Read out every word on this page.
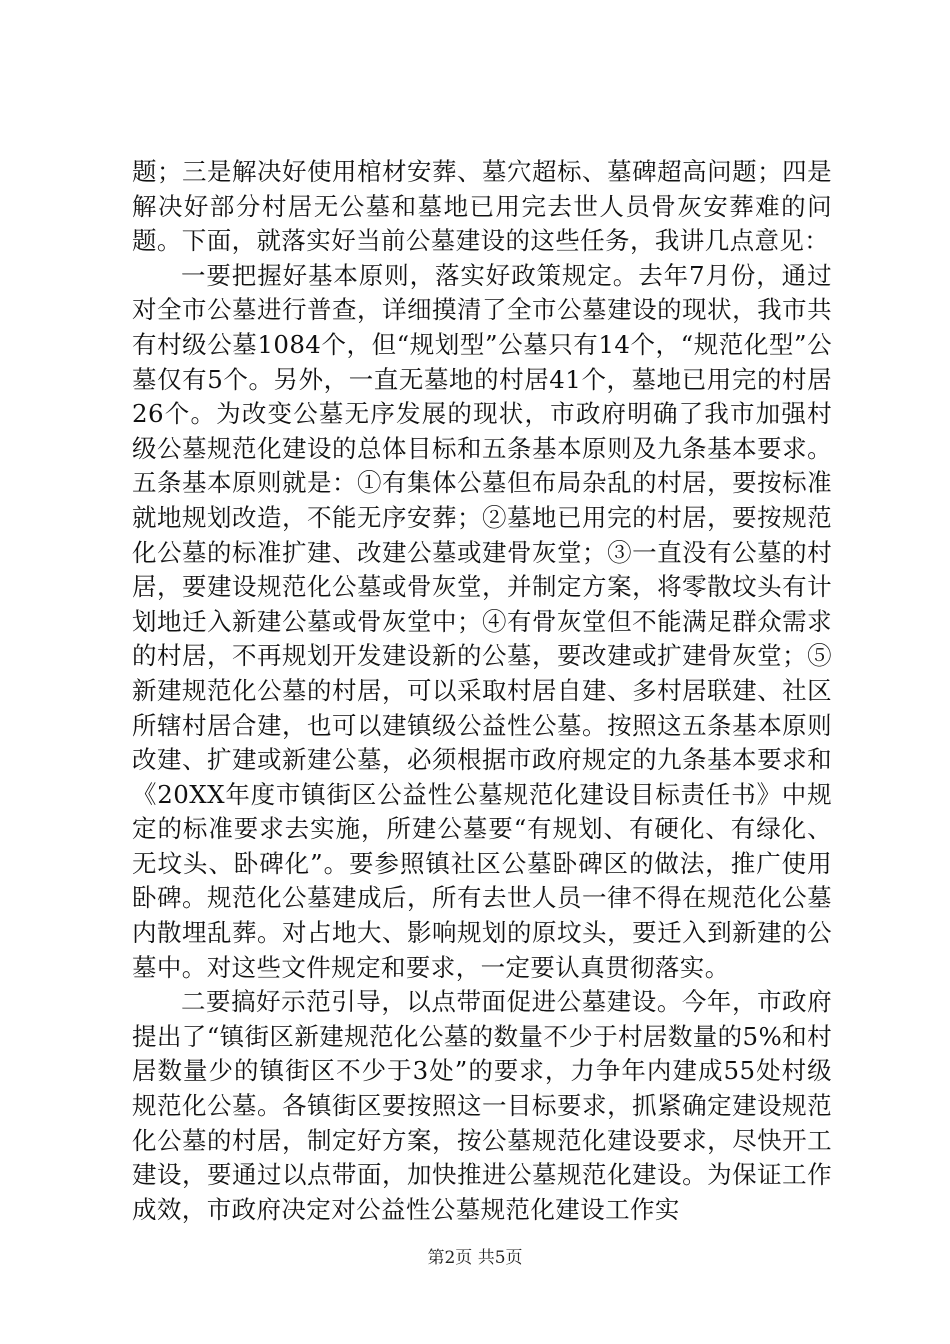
题；三是解决好使用棺材安葬、墓穴超标、墓碑超高问题；四是解决好部分村居无公墓和墓地已用完去世人员骨灰安葬难的问题。下面，就落实好当前公墓建设的这些任务，我讲几点意见：

一要把握好基本原则，落实好政策规定。去年7月份，通过对全市公墓进行普查，详细摸清了全市公墓建设的现状，我市共有村级公墓1084个，但“规划型”公墓只有14个，“规范化型”公墓仅有5个。另外，一直无墓地的村居41个，墓地已用完的村居26个。为改变公墓无序发展的现状，市政府明确了我市加强村级公墓规范化建设的总体目标和五条基本原则及九条基本要求。五条基本原则就是：①有集体公墓但布局杂乱的村居，要按标准就地规划改造，不能无序安葬；②墓地已用完的村居，要按规范化公墓的标准扩建、改建公墓或建骨灰堂；③一直没有公墓的村居，要建设规范化公墓或骨灰堂，并制定方案，将零散坟头有计划地迁入新建公墓或骨灰堂中；④有骨灰堂但不能满足群众需求的村居，不再规划开发建设新的公墓，要改建或扩建骨灰堂；⑤新建规范化公墓的村居，可以采取村居自建、多村居联建、社区所辖村居合建，也可以建镇级公益性公墓。按照这五条基本原则改建、扩建或新建公墓，必须根据市政府规定的九条基本要求和《20XX年度市镇街区公益性公墓规范化建设目标责任书》中规定的标准要求去实施，所建公墓要“有规划、有硬化、有绿化、无坟头、卧碑化”。要参照镇社区公墓卧碑区的做法，推广使用卧碑。规范化公墓建成后，所有去世人员一律不得在规范化公墓内散埋乱葬。对占地大、影响规划的原坟头，要迁入到新建的公墓中。对这些文件规定和要求，一定要认真贯彻落实。

二要搞好示范引导，以点带面促进公墓建设。今年，市政府提出了“镇街区新建规范化公墓的数量不少于村居数量的5%和村居数量少的镇街区不少于3处”的要求，力争年内建成55处村级规范化公墓。各镇街区要按照这一目标要求，抓紧确定建设规范化公墓的村居，制定好方案，按公墓规范化建设要求，尽快开工建设，要通过以点带面，加快推进公墓规范化建设。为保证工作成效，市政府决定对公益性公墓规范化建设工作实

第2页 共5页
